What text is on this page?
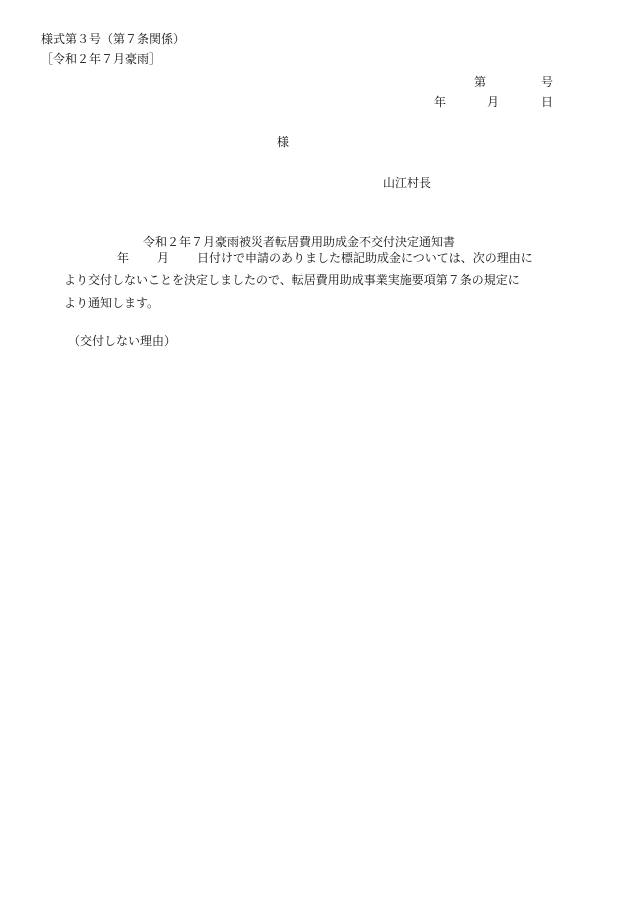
様式第３号（第７条関係）
［令和２年７月豪雨］
第	号
年	月	日
様
山江村長
令和２年７月豪雨被災者転居費用助成金不交付決定通知書
年 月 日付けで申請のありました標記助成金については、次の理由に
より交付しないことを決定しましたので、転居費用助成事業実施要項第７条の規定に
より通知します。
（交付しない理由）
